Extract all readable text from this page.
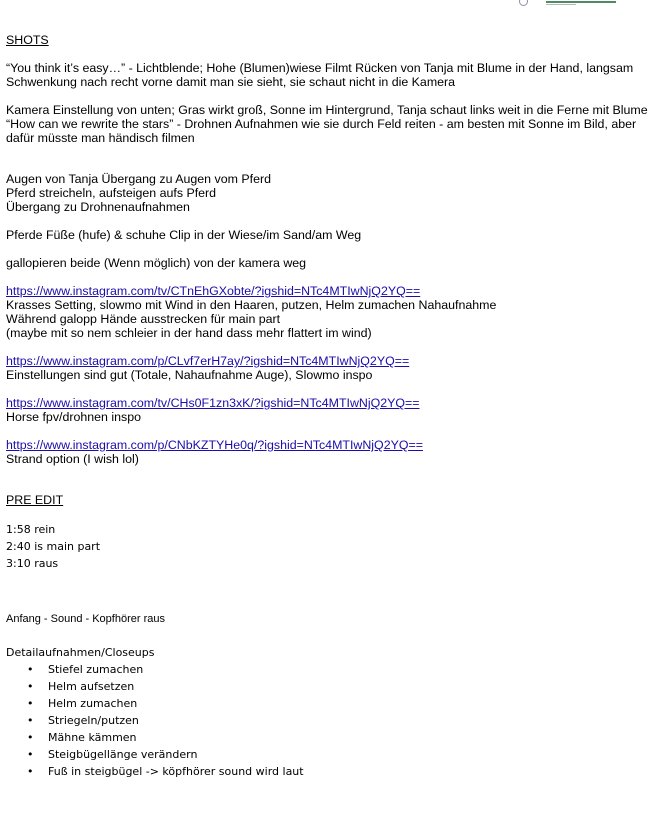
SHOTS
“You think it’s easy…” - Lichtblende; Hohe (Blumen)wiese Filmt Rücken von Tanja mit Blume in der Hand, langsam
Schwenkung nach recht vorne damit man sie sieht, sie schaut nicht in die Kamera
Kamera Einstellung von unten; Gras wirkt groß, Sonne im Hintergrund, Tanja schaut links weit in die Ferne mit Blume
“How can we rewrite the stars” - Drohnen Aufnahmen wie sie durch Feld reiten - am besten mit Sonne im Bild, aber
dafür müsste man händisch filmen
Augen von Tanja Übergang zu Augen vom Pferd
Pferd streicheln, aufsteigen aufs Pferd
Übergang zu Drohnenaufnahmen
Pferde Füße (hufe) & schuhe Clip in der Wiese/im Sand/am Weg
gallopieren beide (Wenn möglich) von der kamera weg
https://www.instagram.com/tv/CTnEhGXobte/?igshid=NTc4MTIwNjQ2YQ==
Krasses Setting, slowmo mit Wind in den Haaren, putzen, Helm zumachen Nahaufnahme
Während galopp Hände ausstrecken für main part
(maybe mit so nem schleier in der hand dass mehr flattert im wind)
https://www.instagram.com/p/CLvf7erH7ay/?igshid=NTc4MTIwNjQ2YQ==
Einstellungen sind gut (Totale, Nahaufnahme Auge), Slowmo inspo
https://www.instagram.com/tv/CHs0F1zn3xK/?igshid=NTc4MTIwNjQ2YQ==
Horse fpv/drohnen inspo
https://www.instagram.com/p/CNbKZTYHe0q/?igshid=NTc4MTIwNjQ2YQ==
Strand option (I wish lol)
PRE EDIT
1:58 rein
2:40 is main part
3:10 raus
Anfang - Sound - Kopfhörer raus
Detailaufnahmen/Closeups
• Stiefel zumachen
• Helm aufsetzen
• Helm zumachen
• Striegeln/putzen
• Mähne kämmen
• Steigbügellänge verändern
• Fuß in steigbügel -> köpfhörer sound wird laut
